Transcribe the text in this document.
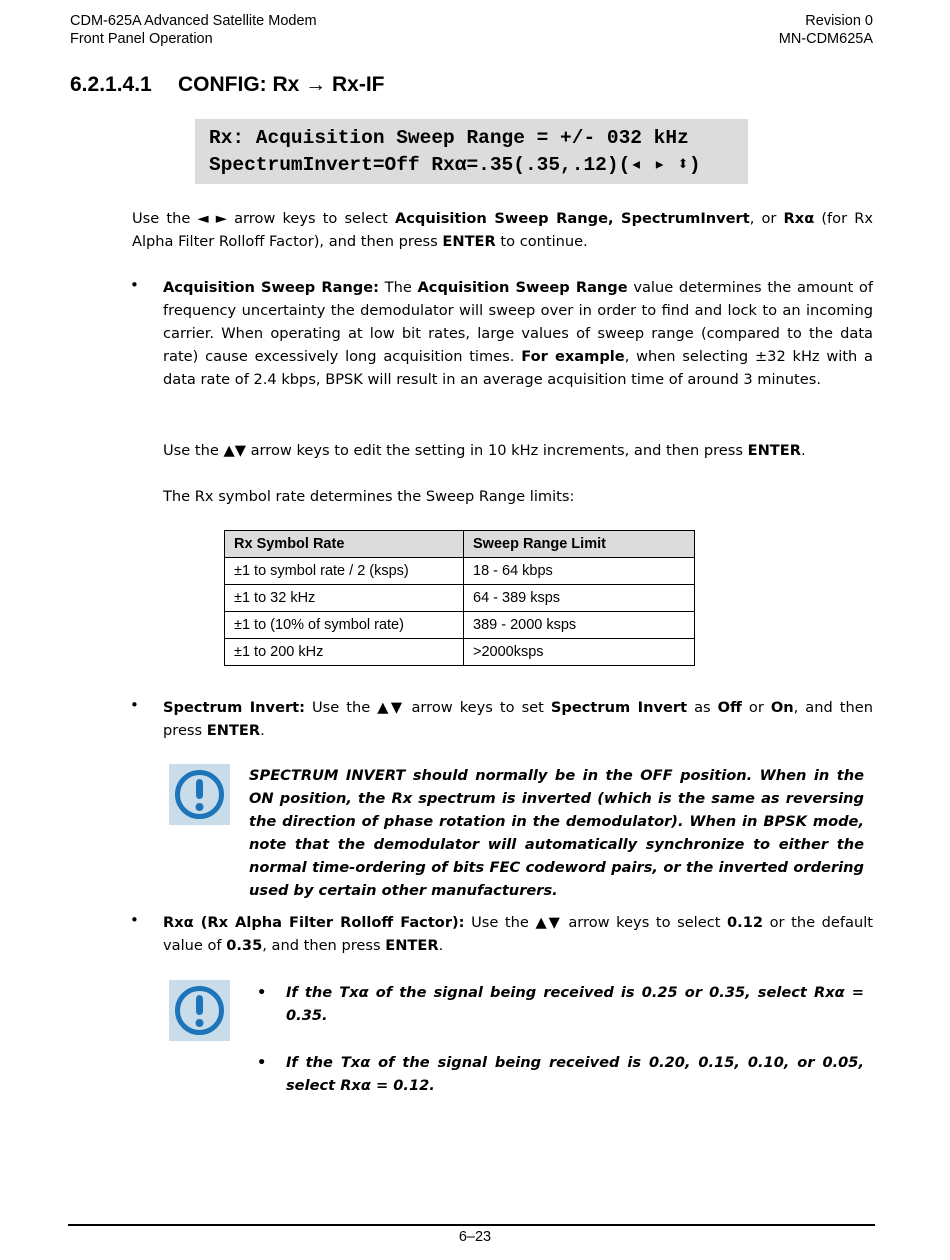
CDM-625A Advanced Satellite Modem
Front Panel Operation
Revision 0
MN-CDM625A
6.2.1.4.1 CONFIG: Rx → Rx-IF
Rx: Acquisition Sweep Range = +/- 032 kHz
SpectrumInvert=Off Rxα=.35(.35,.12)(◂ ▸ ⬍)
Use the ◄ ► arrow keys to select Acquisition Sweep Range, SpectrumInvert, or Rxα (for Rx Alpha Filter Rolloff Factor), and then press ENTER to continue.
• Acquisition Sweep Range: The Acquisition Sweep Range value determines the amount of frequency uncertainty the demodulator will sweep over in order to find and lock to an incoming carrier. When operating at low bit rates, large values of sweep range (compared to the data rate) cause excessively long acquisition times. For example, when selecting ±32 kHz with a data rate of 2.4 kbps, BPSK will result in an average acquisition time of around 3 minutes.
Use the ▲▼ arrow keys to edit the setting in 10 kHz increments, and then press ENTER.
The Rx symbol rate determines the Sweep Range limits:
Rx Symbol Rate	Sweep Range Limit
±1 to symbol rate / 2 (ksps)	18 - 64 kbps
±1 to 32 kHz	64 - 389 ksps
±1 to (10% of symbol rate)	389 - 2000 ksps
±1 to 200 kHz	>2000ksps
• Spectrum Invert: Use the ▲▼ arrow keys to set Spectrum Invert as Off or On, and then press ENTER.
SPECTRUM INVERT should normally be in the OFF position. When in the ON position, the Rx spectrum is inverted (which is the same as reversing the direction of phase rotation in the demodulator). When in BPSK mode, note that the demodulator will automatically synchronize to either the normal time-ordering of bits FEC codeword pairs, or the inverted ordering used by certain other manufacturers.
• Rxα (Rx Alpha Filter Rolloff Factor): Use the ▲▼ arrow keys to select 0.12 or the default value of 0.35, and then press ENTER.
• If the Txα of the signal being received is 0.25 or 0.35, select Rxα = 0.35.
• If the Txα of the signal being received is 0.20, 0.15, 0.10, or 0.05, select Rxα = 0.12.
6–23
